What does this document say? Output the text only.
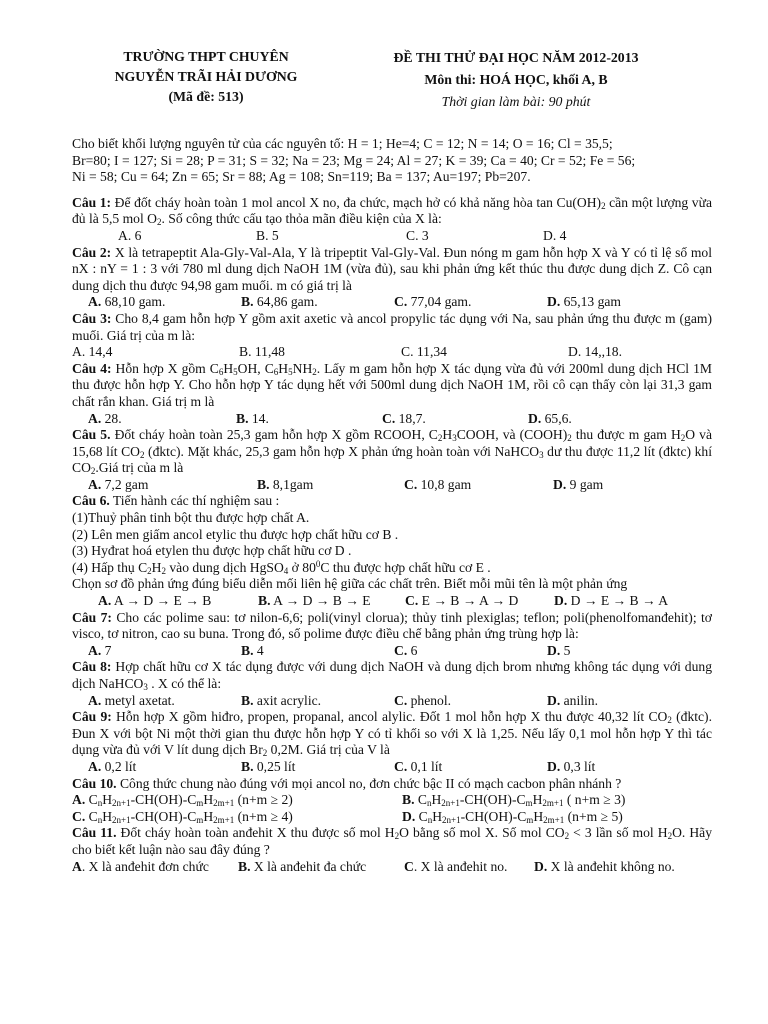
TRƯỜNG THPT CHUYÊN
NGUYỄN TRÃI HẢI DƯƠNG
(Mã đề: 513)
ĐỀ THI THỬ ĐẠI HỌC NĂM 2012-2013
Môn thi: HOÁ HỌC, khối A, B
Thời gian làm bài: 90 phút

Cho biết khối lượng nguyên tử của các nguyên tố: H = 1; He=4; C = 12; N = 14; O = 16; Cl = 35,5;

Br=80; I = 127; Si = 28; P = 31; S = 32; Na = 23; Mg = 24; Al = 27; K = 39; Ca = 40; Cr = 52; Fe = 56;

Ni = 58; Cu = 64; Zn = 65; Sr = 88; Ag = 108; Sn=119; Ba = 137; Au=197; Pb=207.

Câu 1: Để đốt cháy hoàn toàn 1 mol ancol X no, đa chức, mạch hở có khả năng hòa $\tan Cu(OH)_2$ cần một lượng vừa đủ là 5,5 mol $O_2$. Số công thức cấu tạo thỏa mãn điều kiện của X là:

A. 6	B. 5	C. 3	D. 4

Câu 2: X là tetrapeptit Ala-Gly-Val-Ala, Y là tripeptit Val-Gly-Val. Đun nóng m gam hỗn hợp X và Y có tỉ lệ số mol nX : nY = 1 : 3 với 780 ml dung dịch NaOH 1M (vừa đủ), sau khi phản ứng kết thúc thu được dung dịch Z. Cô cạn dung dịch thu được 94,98 gam muối. m có giá trị là

A. 68,10 gam.	B. 64,86 gam.	C. 77,04 gam.	D. 65,13 gam

Câu 3: Cho 8,4 gam hỗn hợp Y gồm axit axetic và ancol propylic tác dụng với Na, sau phản ứng thu được m (gam) muối. Giá trị của m là:

A. 14,4	B. 11,48	C. 11,34	D. 14,,18.

Câu 4: Hỗn hợp X gồm $C_6H_5OH$, $C_6H_5NH_2$. Lấy m gam hỗn hợp X tác dụng vừa đủ với 200ml dung dịch HCl 1M thu được hỗn hợp Y. Cho hỗn hợp Y tác dụng hết với 500ml dung dịch NaOH 1M, rồi cô cạn thấy còn lại 31,3 gam chất rắn khan. Giá trị m là

A. 28.	B. 14.	C. 18,7.	D. 65,6.

Câu 5. Đốt cháy hoàn toàn 25,3 gam hỗn hợp X gồm RCOOH, $C_2H_3COOH$, và $(COOH)_2$ thu được m gam $H_2O$ và 15,68 lít $CO_2$ (đktc). Mặt khác, 25,3 gam hỗn hợp X phản ứng hoàn toàn với NaHCO$_3$ dư thu được 11,2 lít (đktc) khí $CO_2.Giá$ trị của m là

A. 7,2 gam	B. 8,1gam	C. 10,8 gam	D. 9 gam

Câu 6. Tiến hành các thí nghiệm sau :

(1)Thuỷ phân tinh bột thu được hợp chất A.

(2) Lên men giấm ancol etylic thu được hợp chất hữu cơ B .

(3) Hyđrat hoá etylen thu được hợp chất hữu cơ D .

(4) Hấp thụ $C_2H_2$ vào dung dịch HgSO$_4$ ở $80^0C$ thu được hợp chất hữu cơ E .

Chọn sơ đồ phản ứng đúng biểu diễn mối liên hệ giữa các chất trên. Biết mỗi mũi tên là một phản ứng

A. A → D → E → B	B. A → D → B → E	C. E → B → A → D	D. D → E → B → A

Câu 7: Cho các polime sau: tơ nilon-6,6; poli(vinyl clorua); thủy tinh plexiglas; teflon; poli(phenolfomanđehit); tơ visco, tơ nitron, cao su buna. Trong đó, số polime được điều chế bằng phản ứng trùng hợp là:

A. 7	B. 4	C. 6	D. 5

Câu 8: Hợp chất hữu cơ X tác dụng được với dung dịch NaOH và dung dịch brom nhưng không tác dụng với dung dịch NaHCO$_3$ . X có thể là:

A. metyl axetat.	B. axit acrylic.	C. phenol.	D. anilin.

Câu 9: Hỗn hợp X gồm hiđro, propen, propanal, ancol alylic. Đốt 1 mol hỗn hợp X thu được 40,32 lít $CO_2$ (đktc). Đun X với bột Ni một thời gian thu được hỗn hợp Y có tỉ khối so với X là 1,25. Nếu lấy 0,1 mol hỗn hợp Y thì tác dụng vừa đủ với V lít dung dịch $Br_2$ 0,2M. Giá trị của V là

A. 0,2 lít	B. 0,25 lít	C. 0,1 lít	D. 0,3 lít

Câu 10. Công thức chung nào đúng với mọi ancol no, đơn chức bậc II có mạch cacbon phân nhánh ?

A. $C_nH_{2n+1}-CH(OH)-C_mH_{2m+1}$ (n+m ≥ 2)	B. $C_nH_{2n+1}-CH(OH)-C_mH_{2m+1}$ ( n+m ≥ 3)
C. $C_nH_{2n+1}-CH(OH)-C_mH_{2m+1}$ (n+m ≥ 4)	D. $C_nH_{2n+1}-CH(OH)-C_mH_{2m+1}$ (n+m ≥ 5)

Câu 11. Đốt cháy hoàn toàn anđehit X thu được số mol $H_2O$ bằng số mol X. Số mol $CO_2 < 3$ lần số mol $H_2O$. Hãy cho biết kết luận nào sau đây đúng ?

A. X là anđehit đơn chức	B. X là anđehit đa chức	C. X là anđehit no.	D. X là anđehit không no.
